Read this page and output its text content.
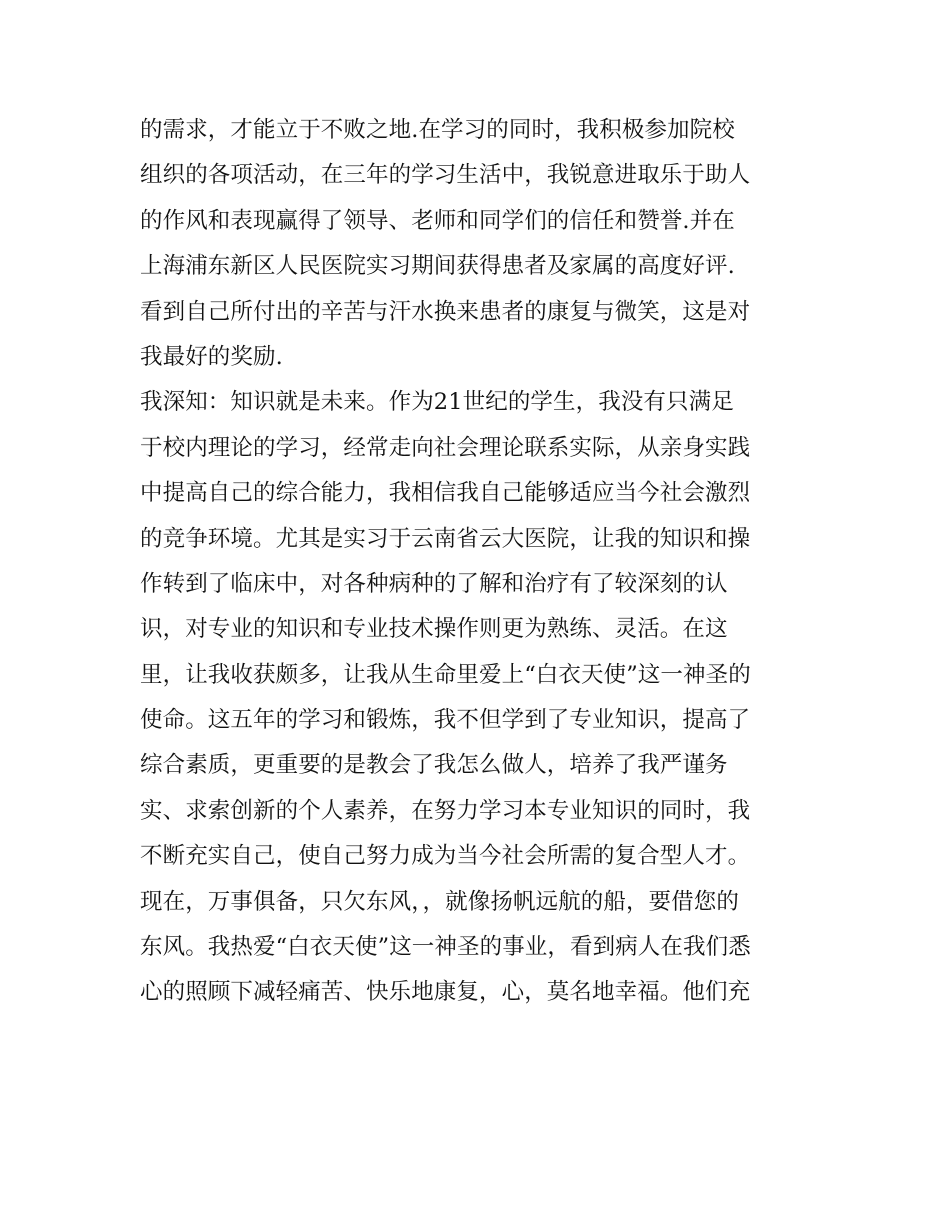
的需求，才能立于不败之地.在学习的同时，我积极参加院校
组织的各项活动，在三年的学习生活中，我锐意进取乐于助人
的作风和表现赢得了领导、老师和同学们的信任和赞誉.并在
上海浦东新区人民医院实习期间获得患者及家属的高度好评.
看到自己所付出的辛苦与汗水换来患者的康复与微笑，这是对
我最好的奖励.
我深知：知识就是未来。作为21世纪的学生，我没有只满足
于校内理论的学习，经常走向社会理论联系实际，从亲身实践
中提高自己的综合能力，我相信我自己能够适应当今社会激烈
的竞争环境。尤其是实习于云南省云大医院，让我的知识和操
作转到了临床中，对各种病种的了解和治疗有了较深刻的认
识，对专业的知识和专业技术操作则更为熟练、灵活。在这
里，让我收获颇多，让我从生命里爱上“白衣天使”这一神圣的
使命。这五年的学习和锻炼，我不但学到了专业知识，提高了
综合素质，更重要的是教会了我怎么做人，培养了我严谨务
实、求索创新的个人素养，在努力学习本专业知识的同时，我
不断充实自己，使自己努力成为当今社会所需的复合型人才。
现在，万事俱备，只欠东风，，就像扬帆远航的船，要借您的
东风。我热爱“白衣天使”这一神圣的事业，看到病人在我们悉
心的照顾下减轻痛苦、快乐地康复，心，莫名地幸福。他们充
